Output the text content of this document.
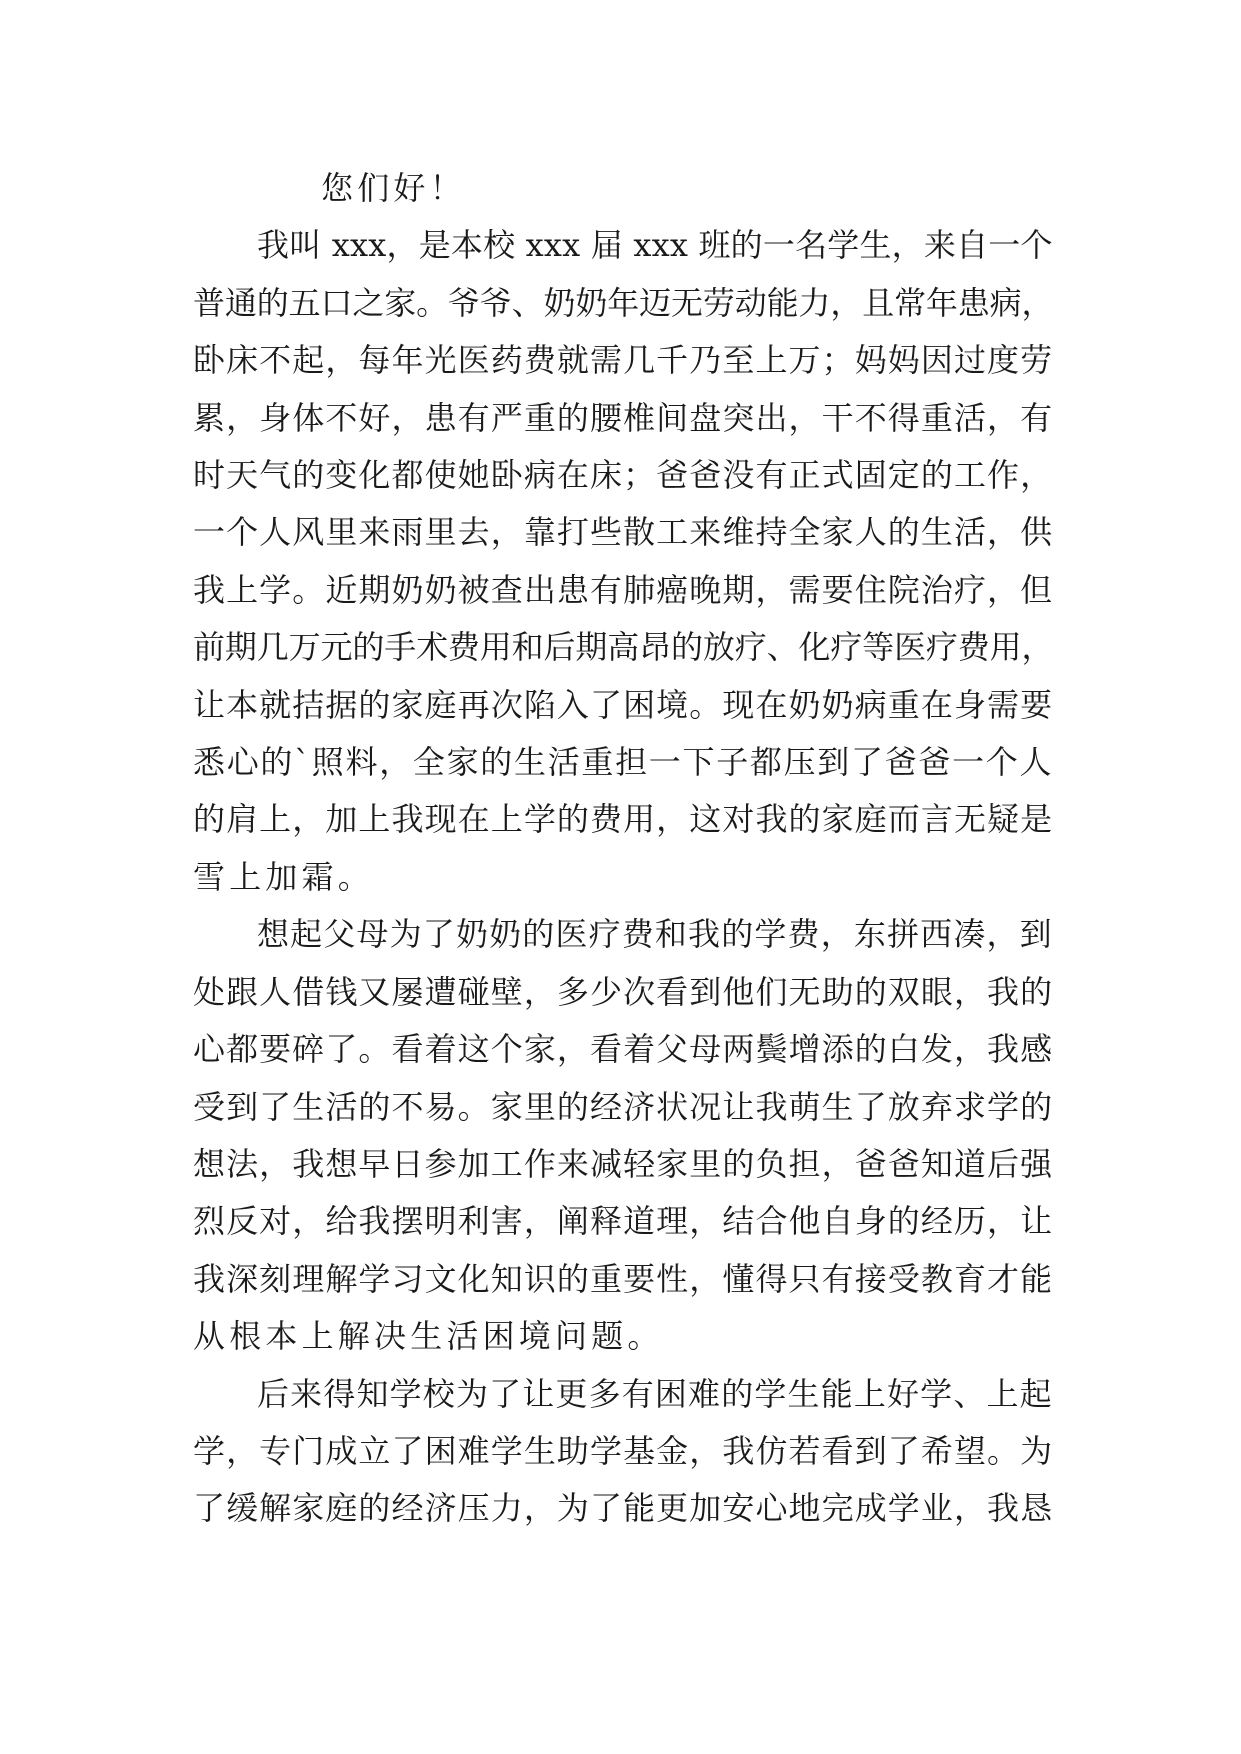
您们好！
我叫 xxx，是本校 xxx 届 xxx 班的一名学生，来自一个
普通的五口之家。爷爷、奶奶年迈无劳动能力，且常年患病，
卧床不起，每年光医药费就需几千乃至上万；妈妈因过度劳
累，身体不好，患有严重的腰椎间盘突出，干不得重活，有
时天气的变化都使她卧病在床；爸爸没有正式固定的工作，
一个人风里来雨里去，靠打些散工来维持全家人的生活，供
我上学。近期奶奶被查出患有肺癌晚期，需要住院治疗，但
前期几万元的手术费用和后期高昂的放疗、化疗等医疗费用，
让本就拮据的家庭再次陷入了困境。现在奶奶病重在身需要
悉心的`照料，全家的生活重担一下子都压到了爸爸一个人
的肩上，加上我现在上学的费用，这对我的家庭而言无疑是
雪上加霜。
想起父母为了奶奶的医疗费和我的学费，东拼西凑，到
处跟人借钱又屡遭碰壁，多少次看到他们无助的双眼，我的
心都要碎了。看着这个家，看着父母两鬓增添的白发，我感
受到了生活的不易。家里的经济状况让我萌生了放弃求学的
想法，我想早日参加工作来减轻家里的负担，爸爸知道后强
烈反对，给我摆明利害，阐释道理，结合他自身的经历，让
我深刻理解学习文化知识的重要性，懂得只有接受教育才能
从根本上解决生活困境问题。
后来得知学校为了让更多有困难的学生能上好学、上起
学，专门成立了困难学生助学基金，我仿若看到了希望。为
了缓解家庭的经济压力，为了能更加安心地完成学业，我恳
